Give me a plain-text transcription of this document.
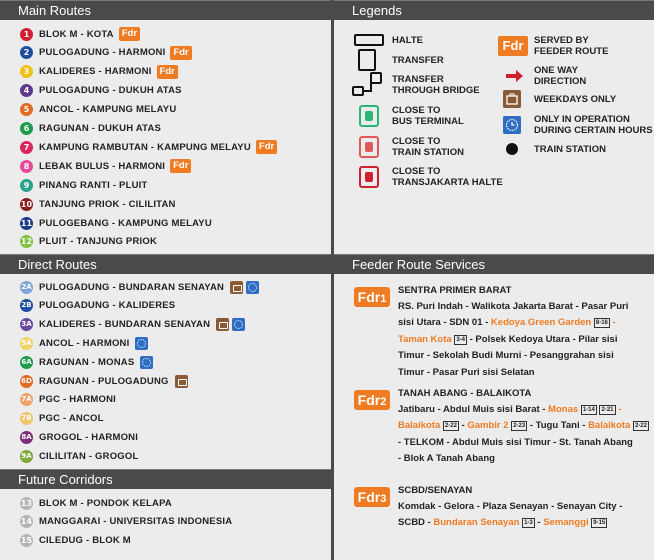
Main Routes
1	BLOK M - KOTA Fdr
2	PULOGADUNG - HARMONI Fdr
3	KALIDERES - HARMONI Fdr
4	PULOGADUNG - DUKUH ATAS
5	ANCOL - KAMPUNG MELAYU
6	RAGUNAN - DUKUH ATAS
7	KAMPUNG RAMBUTAN - KAMPUNG MELAYU Fdr
8	LEBAK BULUS - HARMONI Fdr
9	PINANG RANTI - PLUIT
10 TANJUNG PRIOK - CILILITAN
11 PULOGEBANG - KAMPUNG MELAYU
12 PLUIT - TANJUNG PRIOK
Direct Routes
2A PULOGADUNG - BUNDARAN SENAYAN
2B PULOGADUNG - KALIDERES
3A KALIDERES - BUNDARAN SENAYAN
5A ANCOL - HARMONI
6A RAGUNAN - MONAS
6D RAGUNAN - PULOGADUNG
7A PGC - HARMONI
7B PGC - ANCOL
8A GROGOL - HARMONI
9A CILILITAN - GROGOL
Future Corridors
13 BLOK M - PONDOK KELAPA
14 MANGGARAI - UNIVERSITAS INDONESIA
15 CILEDUG - BLOK M
Legends
HALTE
TRANSFER
TRANSFER
THROUGH BRIDGE
CLOSE TO
BUS TERMINAL
CLOSE TO
TRAIN STATION
CLOSE TO
TRANSJAKARTA HALTE
Fdr	SERVED BY
FEEDER ROUTE
ONE WAY
DIRECTION
WEEKDAYS ONLY
ONLY IN OPERATION
DURING CERTAIN HOURS
TRAIN STATION
Feeder Route Services
Fdr1
SENTRA PRIMER BARAT
RS. Puri Indah - Walikota Jakarta Barat - Pasar Puri
sisi Utara - SDN 01 - Kedoya Green Garden 8-16 -
Taman Kota 3-4 - Polsek Kedoya Utara - Pilar sisi
Timur - Sekolah Budi Murni - Pesanggrahan sisi
Timur - Pasar Puri sisi Selatan
Fdr2
TANAH ABANG - BALAIKOTA
Jatibaru - Abdul Muis sisi Barat - Monas 1-14 2-21 -
Balaikota 2-22 - Gambir 2 2-23 - Tugu Tani - Balaikota 2-22
- TELKOM - Abdul Muis sisi Timur - St. Tanah Abang
- Blok A Tanah Abang
Fdr3
SCBD/SENAYAN
Komdak - Gelora - Plaza Senayan - Senayan City -
SCBD - Bundaran Senayan 1-3 - Semanggi 9-15
